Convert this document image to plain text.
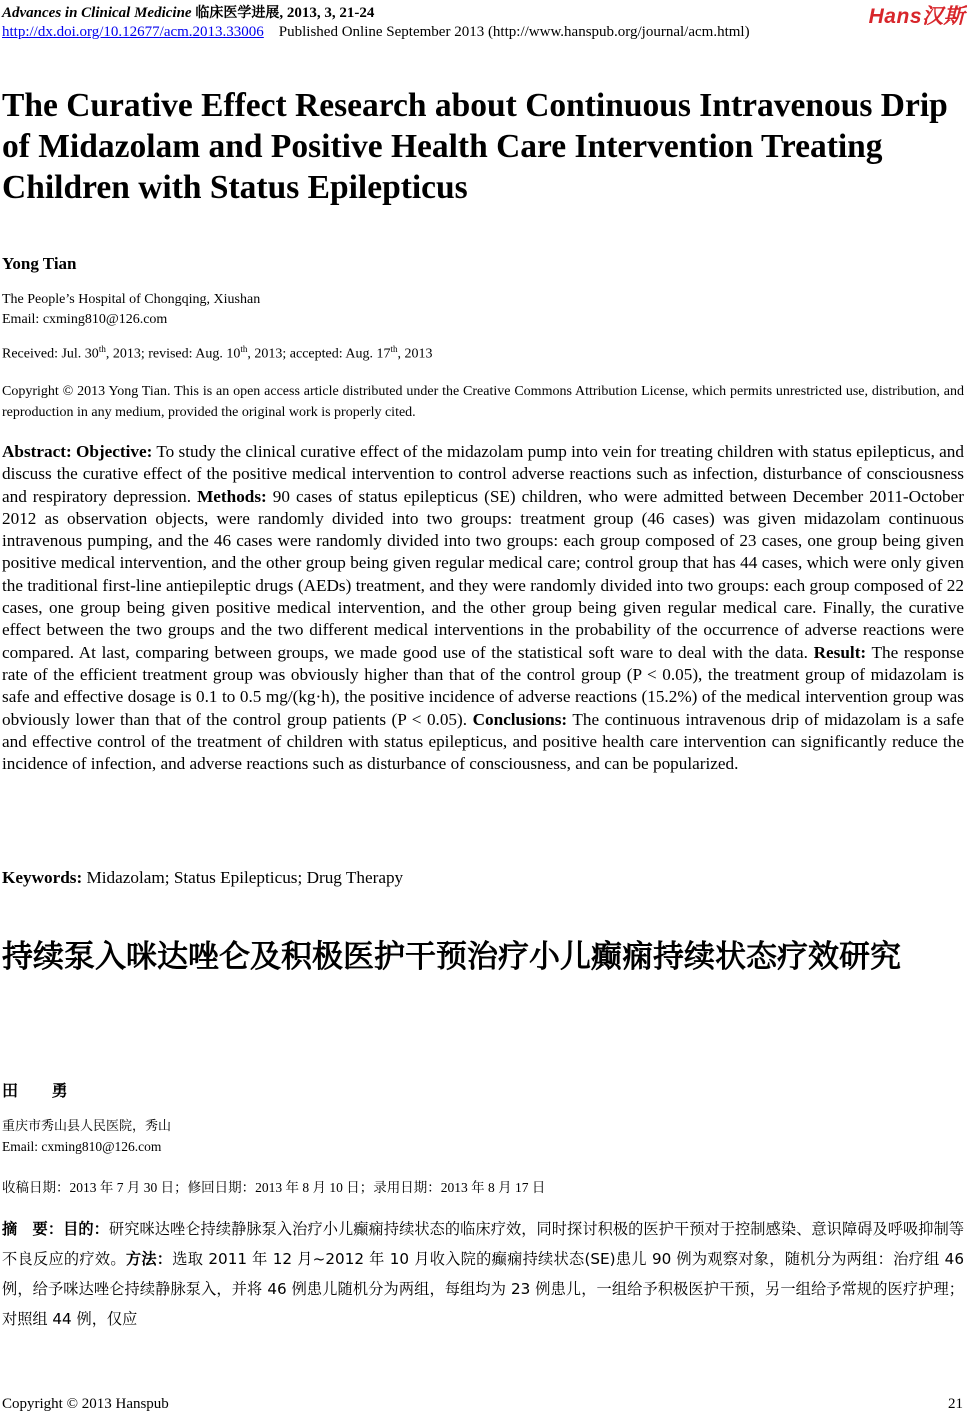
Advances in Clinical Medicine 临床医学进展, 2013, 3, 21-24	Hans汉斯
http://dx.doi.org/10.12677/acm.2013.33006 Published Online September 2013 (http://www.hanspub.org/journal/acm.html)
The Curative Effect Research about Continuous Intravenous Drip of Midazolam and Positive Health Care Intervention Treating Children with Status Epilepticus
Yong Tian
The People’s Hospital of Chongqing, Xiushan
Email: cxming810@126.com
Received: Jul. 30th, 2013; revised: Aug. 10th, 2013; accepted: Aug. 17th, 2013
Copyright © 2013 Yong Tian. This is an open access article distributed under the Creative Commons Attribution License, which permits unrestricted use, distribution, and reproduction in any medium, provided the original work is properly cited.
Abstract: Objective: To study the clinical curative effect of the midazolam pump into vein for treating children with status epilepticus, and discuss the curative effect of the positive medical intervention to control adverse reactions such as infection, disturbance of consciousness and respiratory depression. Methods: 90 cases of status epilepticus (SE) children, who were admitted between December 2011-October 2012 as observation objects, were randomly divided into two groups: treatment group (46 cases) was given midazolam continuous intravenous pumping, and the 46 cases were randomly divided into two groups: each group composed of 23 cases, one group being given positive medical intervention, and the other group being given regular medical care; control group that has 44 cases, which were only given the traditional first-line antiepileptic drugs (AEDs) treatment, and they were randomly divided into two groups: each group composed of 22 cases, one group being given positive medical intervention, and the other group being given regular medical care. Finally, the curative effect between the two groups and the two different medical interventions in the probability of the occurrence of adverse reactions were compared. At last, comparing between groups, we made good use of the statistical soft ware to deal with the data. Result: The response rate of the efficient treatment group was obviously higher than that of the control group (P < 0.05), the treatment group of midazolam is safe and effective dosage is 0.1 to 0.5 mg/(kg·h), the positive incidence of adverse reactions (15.2%) of the medical intervention group was obviously lower than that of the control group patients (P < 0.05). Conclusions: The continuous intravenous drip of midazolam is a safe and effective control of the treatment of children with status epilepticus, and positive health care intervention can significantly reduce the incidence of infection, and adverse reactions such as disturbance of consciousness, and can be popularized.
Keywords: Midazolam; Status Epilepticus; Drug Therapy
持续泵入咪达唑仑及积极医护干预治疗小儿癫痫持续状态疗效研究
田 勇
重庆市秀山县人民医院，秀山
Email: cxming810@126.com
收稿日期：2013 年 7 月 30 日；修回日期：2013 年 8 月 10 日；录用日期：2013 年 8 月 17 日
摘　要：目的：研究咪达唑仑持续静脉泵入治疗小儿癫痫持续状态的临床疗效，同时探讨积极的医护干预对于控制感染、意识障碍及呼吸抑制等不良反应的疗效。方法：选取 2011 年 12 月~2012 年 10 月收入院的癫痫持续状态(SE)患儿 90 例为观察对象，随机分为两组：治疗组 46 例，给予咪达唑仑持续静脉泵入，并将 46 例患儿随机分为两组，每组均为 23 例患儿，一组给予积极医护干预，另一组给予常规的医疗护理；对照组 44 例，仅应
Copyright © 2013 Hanspub	21
